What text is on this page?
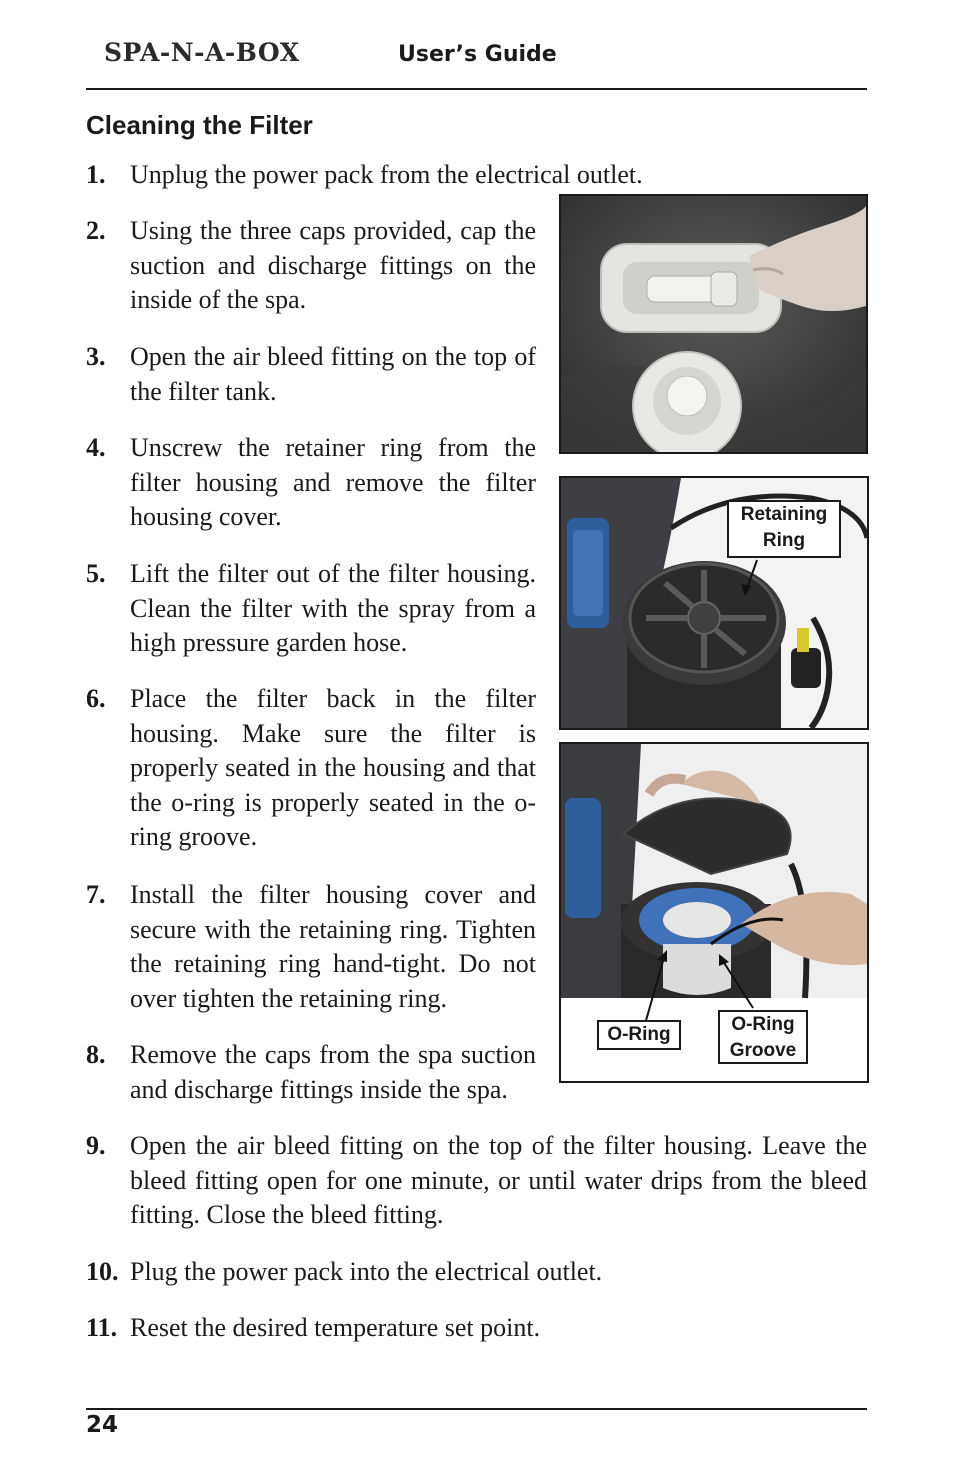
SPA-N-A-BOX	User’s Guide
Cleaning the Filter

1. Unplug the power pack from the electrical outlet.

2. Using the three caps provided, cap the suction and discharge fittings on the inside of the spa.

3. Open the air bleed fitting on the top of the filter tank.

4. Unscrew the retainer ring from the filter housing and remove the filter housing cover.

5. Lift the filter out of the filter housing. Clean the filter with the spray from a high pressure garden hose.

6. Place the filter back in the filter housing. Make sure the filter is properly seated in the housing and that the o-ring is properly seated in the o-ring groove.

7. Install the filter housing cover and secure with the retaining ring. Tighten the retaining ring hand-tight. Do not over tighten the retaining ring.

8. Remove the caps from the spa suction and discharge fittings inside the spa.

9. Open the air bleed fitting on the top of the filter housing. Leave the bleed fitting open for one minute, or until water drips from the bleed fitting. Close the bleed fitting.

10. Plug the power pack into the electrical outlet.

11. Reset the desired temperature set point.

Retaining Ring
O-Ring	O-Ring Groove
24
